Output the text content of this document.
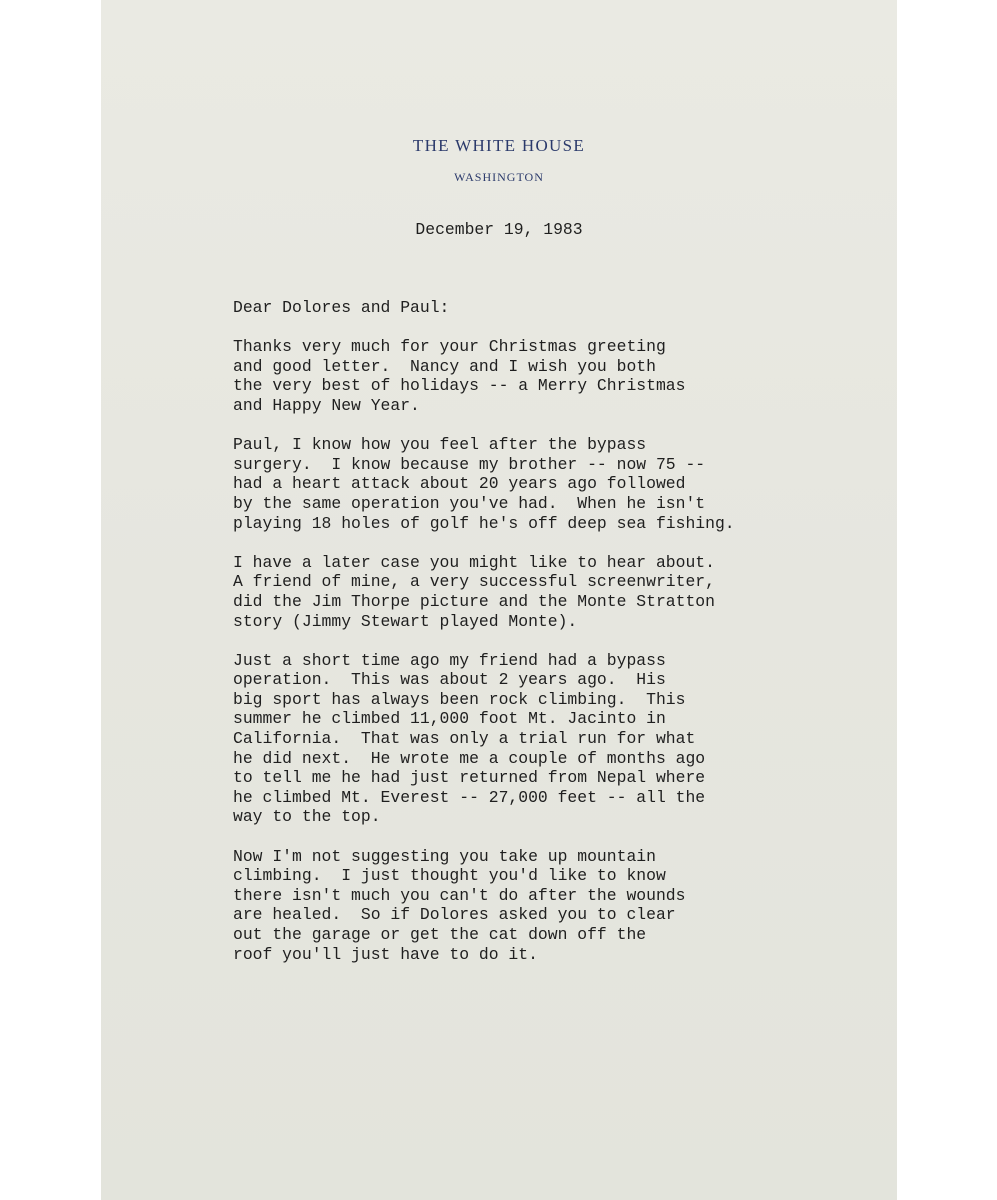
THE WHITE HOUSE
WASHINGTON
December 19, 1983
Dear Dolores and Paul:
Thanks very much for your Christmas greeting
and good letter.  Nancy and I wish you both
the very best of holidays -- a Merry Christmas
and Happy New Year.
Paul, I know how you feel after the bypass
surgery.  I know because my brother -- now 75 --
had a heart attack about 20 years ago followed
by the same operation you've had.  When he isn't
playing 18 holes of golf he's off deep sea fishing.
I have a later case you might like to hear about.
A friend of mine, a very successful screenwriter,
did the Jim Thorpe picture and the Monte Stratton
story (Jimmy Stewart played Monte).
Just a short time ago my friend had a bypass
operation.  This was about 2 years ago.  His
big sport has always been rock climbing.  This
summer he climbed 11,000 foot Mt. Jacinto in
California.  That was only a trial run for what
he did next.  He wrote me a couple of months ago
to tell me he had just returned from Nepal where
he climbed Mt. Everest -- 27,000 feet -- all the
way to the top.
Now I'm not suggesting you take up mountain
climbing.  I just thought you'd like to know
there isn't much you can't do after the wounds
are healed.  So if Dolores asked you to clear
out the garage or get the cat down off the
roof you'll just have to do it.
